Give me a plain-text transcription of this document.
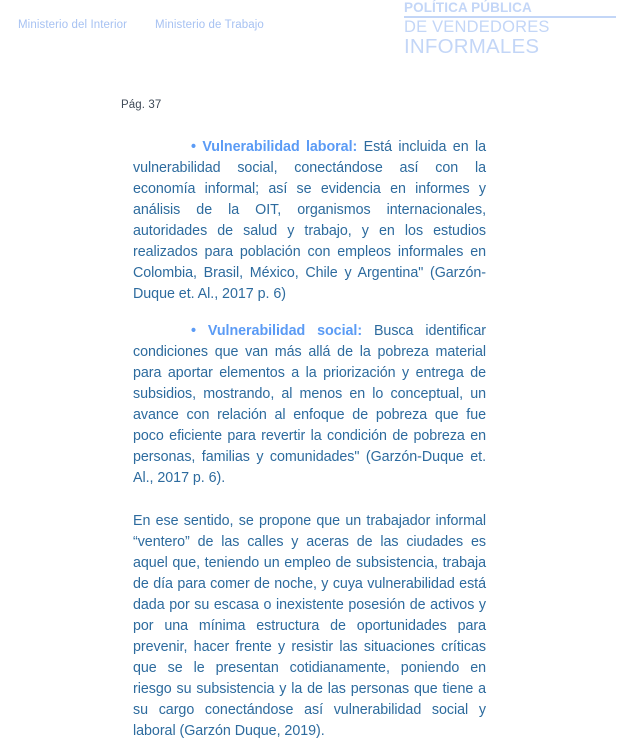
Ministerio del Interior Ministerio de Trabajo
POLÍTICA PÚBLICA
DE VENDEDORES
INFORMALES
Pág. 37

• Vulnerabilidad laboral: Está incluida en la vulnerabilidad social, conectándose así con la economía informal; así se evidencia en informes y análisis de la OIT, organismos internacionales, autoridades de salud y trabajo, y en los estudios realizados para población con empleos informales en Colombia, Brasil, México, Chile y Argentina" (Garzón-Duque et. Al., 2017 p. 6)

• Vulnerabilidad social: Busca identificar condiciones que van más allá de la pobreza material para aportar elementos a la priorización y entrega de subsidios, mostrando, al menos en lo conceptual, un avance con relación al enfoque de pobreza que fue poco eficiente para revertir la condición de pobreza en personas, familias y comunidades" (Garzón-Duque et. Al., 2017 p. 6).

En ese sentido, se propone que un trabajador informal “ventero” de las calles y aceras de las ciudades es aquel que, teniendo un empleo de subsistencia, trabaja de día para comer de noche, y cuya vulnerabilidad está dada por su escasa o inexistente posesión de activos y por una mínima estructura de oportunidades para prevenir, hacer frente y resistir las situaciones críticas que se le presentan cotidianamente, poniendo en riesgo su subsistencia y la de las personas que tiene a su cargo conectándose así vulnerabilidad social y laboral (Garzón Duque, 2019).
